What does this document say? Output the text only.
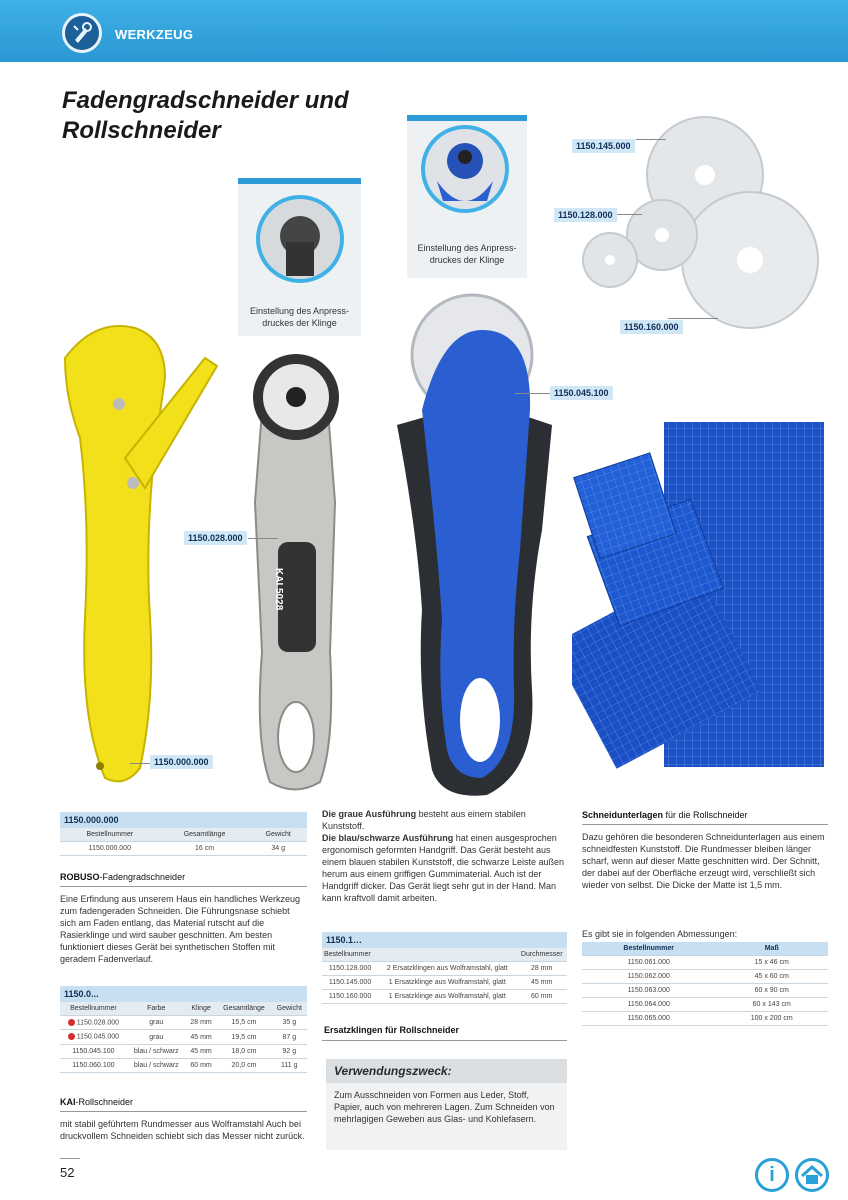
WERKZEUG
Fadengradschneider und
Rollschneider
Einstellung des Anpress- druckes der Klinge
Einstellung des Anpress- druckes der Klinge
1150.145.000
1150.128.000
1150.160.000
1150.000.000
KAI 5028
1150.028.000
1150.045.100
1150.000.000
Bestellnummer	Gesamtlänge	Gewicht
1150.000.000	16 cm	34 g
ROBUSO-Fadengradschneider
Eine Erfindung aus unserem Haus ein handliches Werkzeug zum fadengeraden Schneiden. Die Führungsnase schiebt sich am Faden entlang, das Material rutscht auf die Rasierklinge und wird sauber geschnitten. Am besten funktioniert dieses Gerät bei synthetischen Stoffen mit geradem Fadenverlauf.
1150.0...
Bestellnummer	Farbe	Klinge	Gesamtlänge	Gewicht
1150.028.000	grau	28 mm	15,5 cm	35 g
1150.045.000	grau	45 mm	19,5 cm	87 g
1150.045.100	blau / schwarz	45 mm	18,0 cm	92 g
1150.060.100	blau / schwarz	60 mm	20,0 cm	111 g
KAI-Rollschneider
mit stabil geführtem Rundmesser aus Wolframstahl Auch bei druckvollem Schneiden schiebt sich das Messer nicht zurück.
Die graue Ausführung besteht aus einem stabilen Kunststoff.
Die blau/schwarze Ausführung hat einen ausgesprochen ergonomisch geformten Handgriff. Das Gerät besteht aus einem blauen stabilen Kunststoff, die schwarze Leiste außen herum aus einem griffigen Gummimaterial. Auch ist der Handgriff dicker. Das Gerät liegt sehr gut in der Hand. Man kann kraftvoll damit arbeiten.
1150.1…
Bestellnummer		Durchmesser
1150.128.000	2 Ersatzklingen aus Wolframstahl, glatt	28 mm
1150.145.000	1 Ersatzklinge aus Wolframstahl, glatt	45 mm
1150.160.000	1 Ersatzklinge aus Wolframstahl, glatt	60 mm
Ersatzklingen für Rollschneider
Verwendungszweck:
Zum Ausschneiden von Formen aus Leder, Stoff, Papier, auch von mehreren Lagen. Zum Schneiden von mehrlagigen Geweben aus Glas- und Kohlefasern.
Schneidunterlagen für die Rollschneider
Dazu gehören die besonderen Schneidunterlagen aus einem schneidfesten Kunststoff. Die Rundmesser bleiben länger scharf, wenn auf dieser Matte geschnitten wird. Der Schnitt, der dabei auf der Oberfläche erzeugt wird, verschließt sich wieder von selbst. Die Dicke der Matte ist 1,5 mm.
Es gibt sie in folgenden Abmessungen:
Bestellnummer	Maß
1150.061.000	15 x 46 cm
1150.062.000	45 x 60 cm
1150.063.000	60 x 90 cm
1150.064.000	60 x 143 cm
1150.065.000	100 x 200 cm
52	i
